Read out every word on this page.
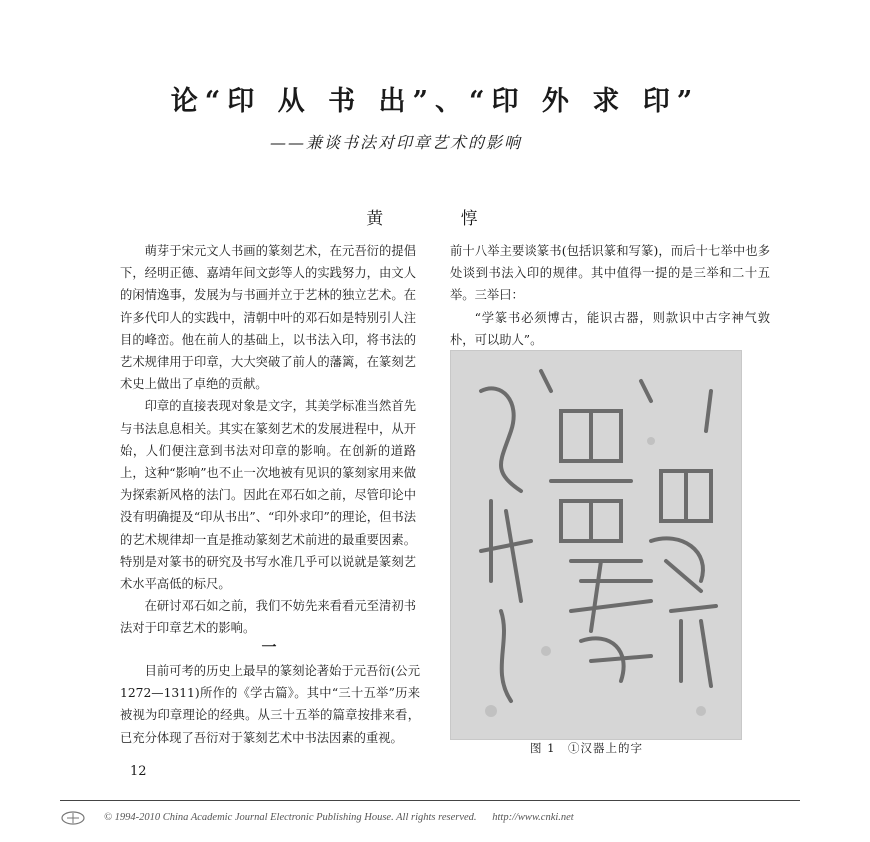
论“印 从 书 出”、“印 外 求 印”

——兼谈书法对印章艺术的影响

黄 惇

萌芽于宋元文人书画的篆刻艺术，在元吾衍的提倡下，经明正德、嘉靖年间文彭等人的实践努力，由文人的闲情逸事，发展为与书画并立于艺林的独立艺术。在许多代印人的实践中，清朝中叶的邓石如是特别引人注目的峰峦。他在前人的基础上，以书法入印，将书法的艺术规律用于印章，大大突破了前人的藩篱，在篆刻艺术史上做出了卓绝的贡献。

印章的直接表现对象是文字，其美学标准当然首先与书法息息相关。其实在篆刻艺术的发展进程中，从开始，人们便注意到书法对印章的影响。在创新的道路上，这种“影响”也不止一次地被有见识的篆刻家用来做为探索新风格的法门。因此在邓石如之前，尽管印论中没有明确提及“印从书出”、“印外求印”的理论，但书法的艺术规律却一直是推动篆刻艺术前进的最重要因素。特别是对篆书的研究及书写水准几乎可以说就是篆刻艺术水平高低的标尺。

在研讨邓石如之前，我们不妨先来看看元至清初书法对于印章艺术的影响。

一

目前可考的历史上最早的篆刻论著始于元吾衍(公元1272—1311)所作的《学古篇》。其中“三十五举”历来被视为印章理论的经典。从三十五举的篇章按排来看，已充分体现了吾衍对于篆刻艺术中书法因素的重视。

前十八举主要谈篆书(包括识篆和写篆)，而后十七举中也多处谈到书法入印的规律。其中值得一提的是三举和二十五举。三举曰：

“学篆书必须博古，能识古器，则款识中古字神气敦朴，可以助人”。

图 1　①汉器上的字

12

© 1994-2010 China Academic Journal Electronic Publishing House. All rights reserved. http://www.cnki.net
